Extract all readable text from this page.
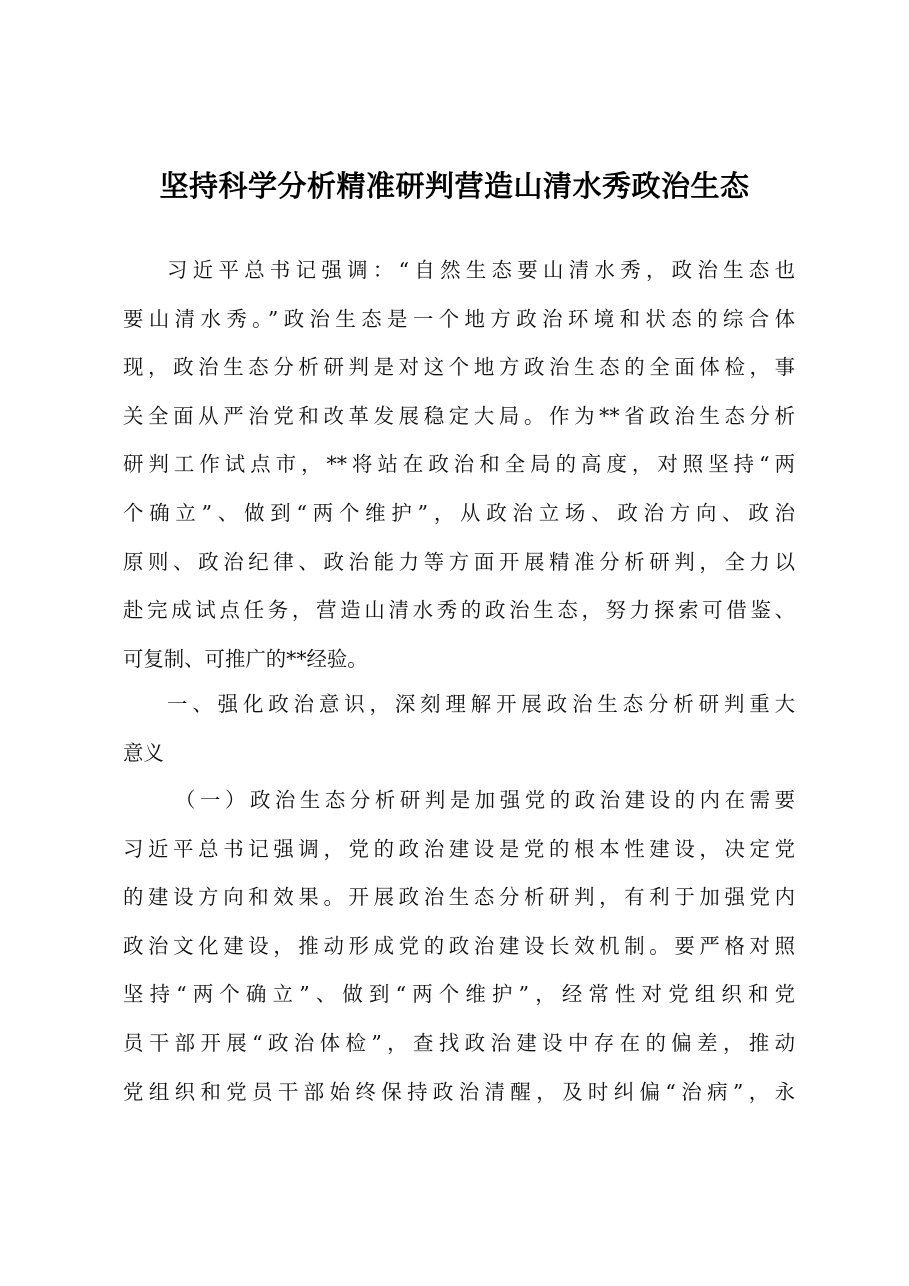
坚持科学分析精准研判营造山清水秀政治生态
习近平总书记强调：“自然生态要山清水秀，政治生态也
要山清水秀。”政治生态是一个地方政治环境和状态的综合体
现，政治生态分析研判是对这个地方政治生态的全面体检，事
关全面从严治党和改革发展稳定大局。作为**省政治生态分析
研判工作试点市，**将站在政治和全局的高度，对照坚持“两
个确立”、做到“两个维护”，从政治立场、政治方向、政治
原则、政治纪律、政治能力等方面开展精准分析研判，全力以
赴完成试点任务，营造山清水秀的政治生态，努力探索可借鉴、
可复制、可推广的**经验。
一、强化政治意识，深刻理解开展政治生态分析研判重大
意义
（一）政治生态分析研判是加强党的政治建设的内在需要
习近平总书记强调，党的政治建设是党的根本性建设，决定党
的建设方向和效果。开展政治生态分析研判，有利于加强党内
政治文化建设，推动形成党的政治建设长效机制。要严格对照
坚持“两个确立”、做到“两个维护”，经常性对党组织和党
员干部开展“政治体检”，查找政治建设中存在的偏差，推动
党组织和党员干部始终保持政治清醒，及时纠偏“治病”，永
